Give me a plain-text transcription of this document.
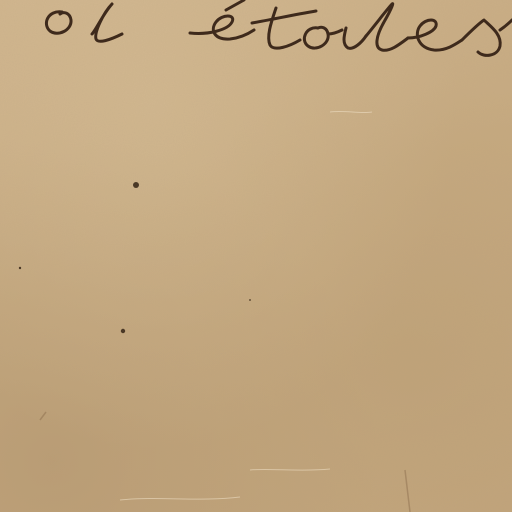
ol	étoiles
